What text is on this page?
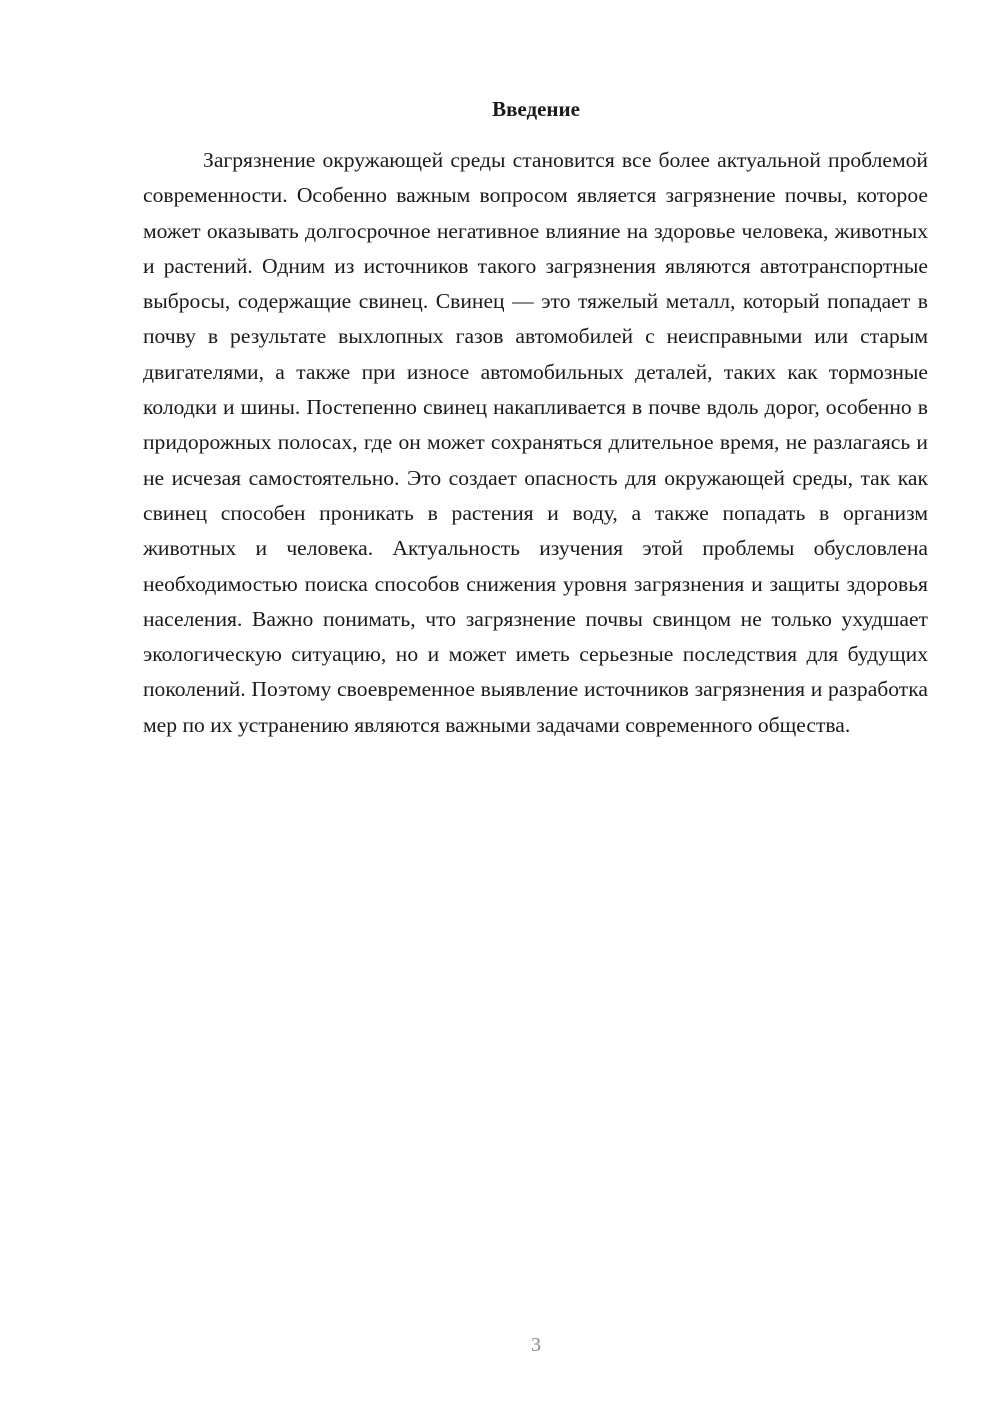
Введение

Загрязнение окружающей среды становится все более актуальной проблемой современности. Особенно важным вопросом является загрязнение почвы, которое может оказывать долгосрочное негативное влияние на здоровье человека, животных и растений. Одним из источников такого загрязнения являются автотранспортные выбросы, содержащие свинец. Свинец — это тяжелый металл, который попадает в почву в результате выхлопных газов автомобилей с неисправными или старым двигателями, а также при износе автомобильных деталей, таких как тормозные колодки и шины. Постепенно свинец накапливается в почве вдоль дорог, особенно в придорожных полосах, где он может сохраняться длительное время, не разлагаясь и не исчезая самостоятельно. Это создает опасность для окружающей среды, так как свинец способен проникать в растения и воду, а также попадать в организм животных и человека. Актуальность изучения этой проблемы обусловлена необходимостью поиска способов снижения уровня загрязнения и защиты здоровья населения. Важно понимать, что загрязнение почвы свинцом не только ухудшает экологическую ситуацию, но и может иметь серьезные последствия для будущих поколений. Поэтому своевременное выявление источников загрязнения и разработка мер по их устранению являются важными задачами современного общества.

3
